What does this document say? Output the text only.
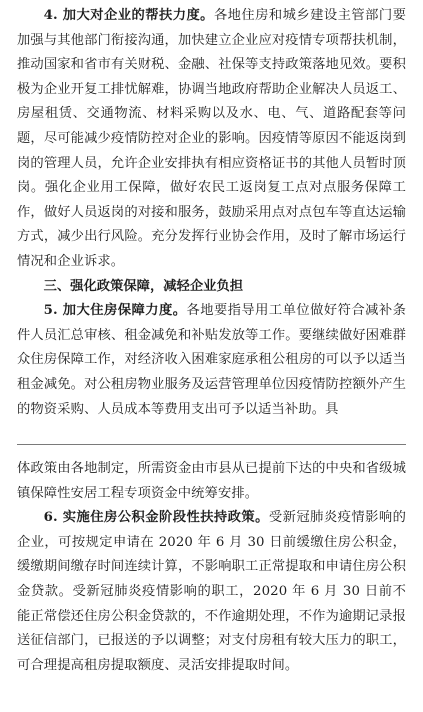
4. 加大对企业的帮扶力度。各地住房和城乡建设主管部门要加强与其他部门衔接沟通，加快建立企业应对疫情专项帮扶机制，推动国家和省市有关财税、金融、社保等支持政策落地见效。要积极为企业开复工排忧解难，协调当地政府帮助企业解决人员返工、房屋租赁、交通物流、材料采购以及水、电、气、道路配套等问题，尽可能减少疫情防控对企业的影响。因疫情等原因不能返岗到岗的管理人员，允许企业安排执有相应资格证书的其他人员暂时顶岗。强化企业用工保障，做好农民工返岗复工点对点服务保障工作，做好人员返岗的对接和服务，鼓励采用点对点包车等直达运输方式，减少出行风险。充分发挥行业协会作用，及时了解市场运行情况和企业诉求。

三、强化政策保障，减轻企业负担

5. 加大住房保障力度。各地要指导用工单位做好符合减补条件人员汇总审核、租金减免和补贴发放等工作。要继续做好困难群众住房保障工作，对经济收入困难家庭承租公租房的可以予以适当租金减免。对公租房物业服务及运营管理单位因疫情防控额外产生的物资采购、人员成本等费用支出可予以适当补助。具

体政策由各地制定，所需资金由市县从已提前下达的中央和省级城镇保障性安居工程专项资金中统筹安排。

6. 实施住房公积金阶段性扶持政策。受新冠肺炎疫情影响的企业，可按规定申请在 2020 年 6 月 30 日前缓缴住房公积金，缓缴期间缴存时间连续计算，不影响职工正常提取和申请住房公积金贷款。受新冠肺炎疫情影响的职工，2020 年 6 月 30 日前不能正常偿还住房公积金贷款的，不作逾期处理，不作为逾期记录报送征信部门，已报送的予以调整；对支付房租有较大压力的职工，可合理提高租房提取额度、灵活安排提取时间。
